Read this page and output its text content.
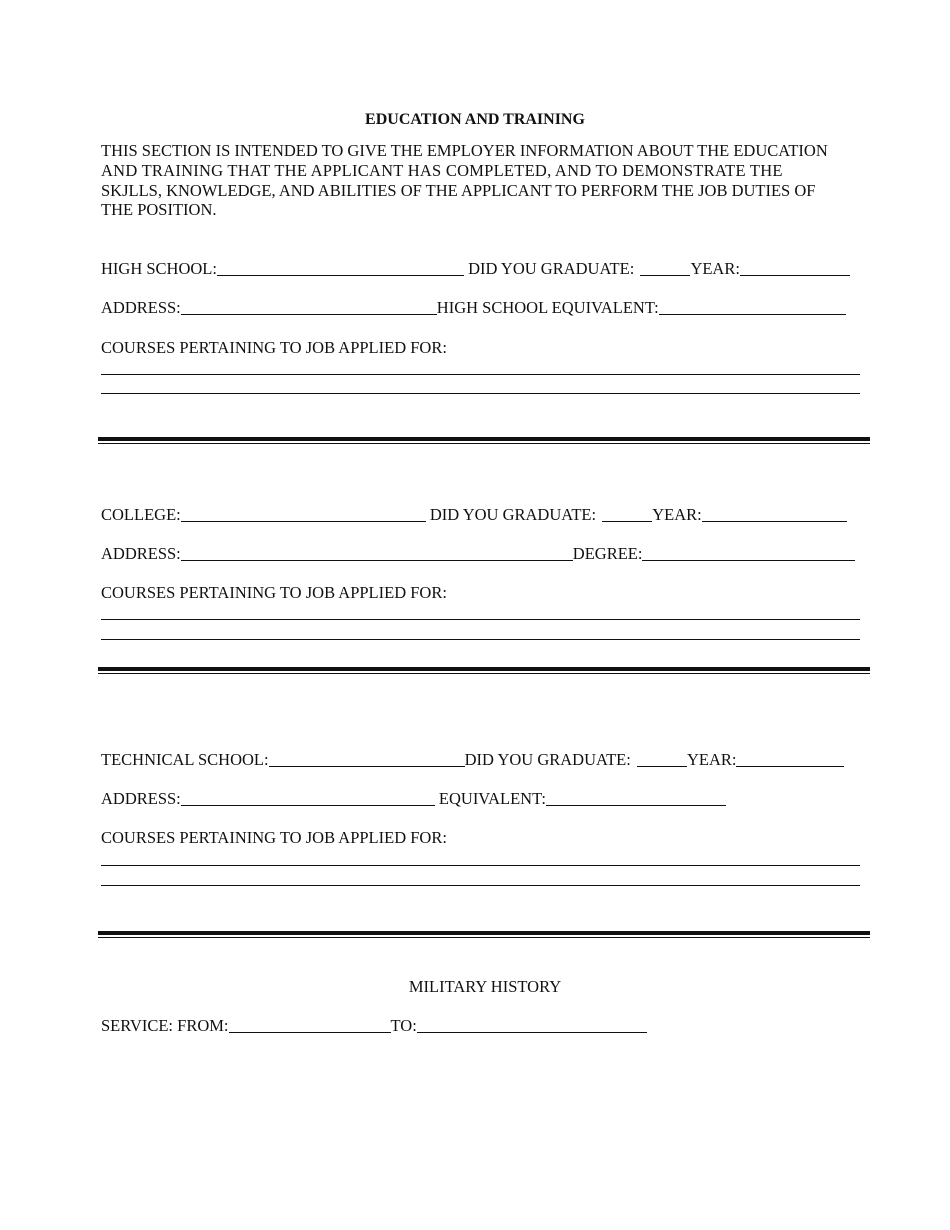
EDUCATION AND TRAINING
THIS SECTION IS INTENDED TO GIVE THE EMPLOYER INFORMATION ABOUT THE EDUCATION
AND TRAINING THAT THE APPLICANT HAS COMPLETED, AND TO DEMONSTRATE THE
SKJLLS, KNOWLEDGE, AND ABILITIES OF THE APPLICANT TO PERFORM THE JOB DUTIES OF
THE POSITION.
HIGH SCHOOL:	DID YOU GRADUATE:	YEAR:
ADDRESS:	HIGH SCHOOL EQUIVALENT:
COURSES PERTAINING TO JOB APPLIED FOR:
COLLEGE:	DID YOU GRADUATE:	YEAR:
ADDRESS:	DEGREE:
COURSES PERTAINING TO JOB APPLIED FOR:
TECHNICAL SCHOOL:	DID YOU GRADUATE:	YEAR:
ADDRESS:	EQUIVALENT:
COURSES PERTAINING TO JOB APPLIED FOR:
MILITARY HISTORY
SERVICE: FROM:	TO:
